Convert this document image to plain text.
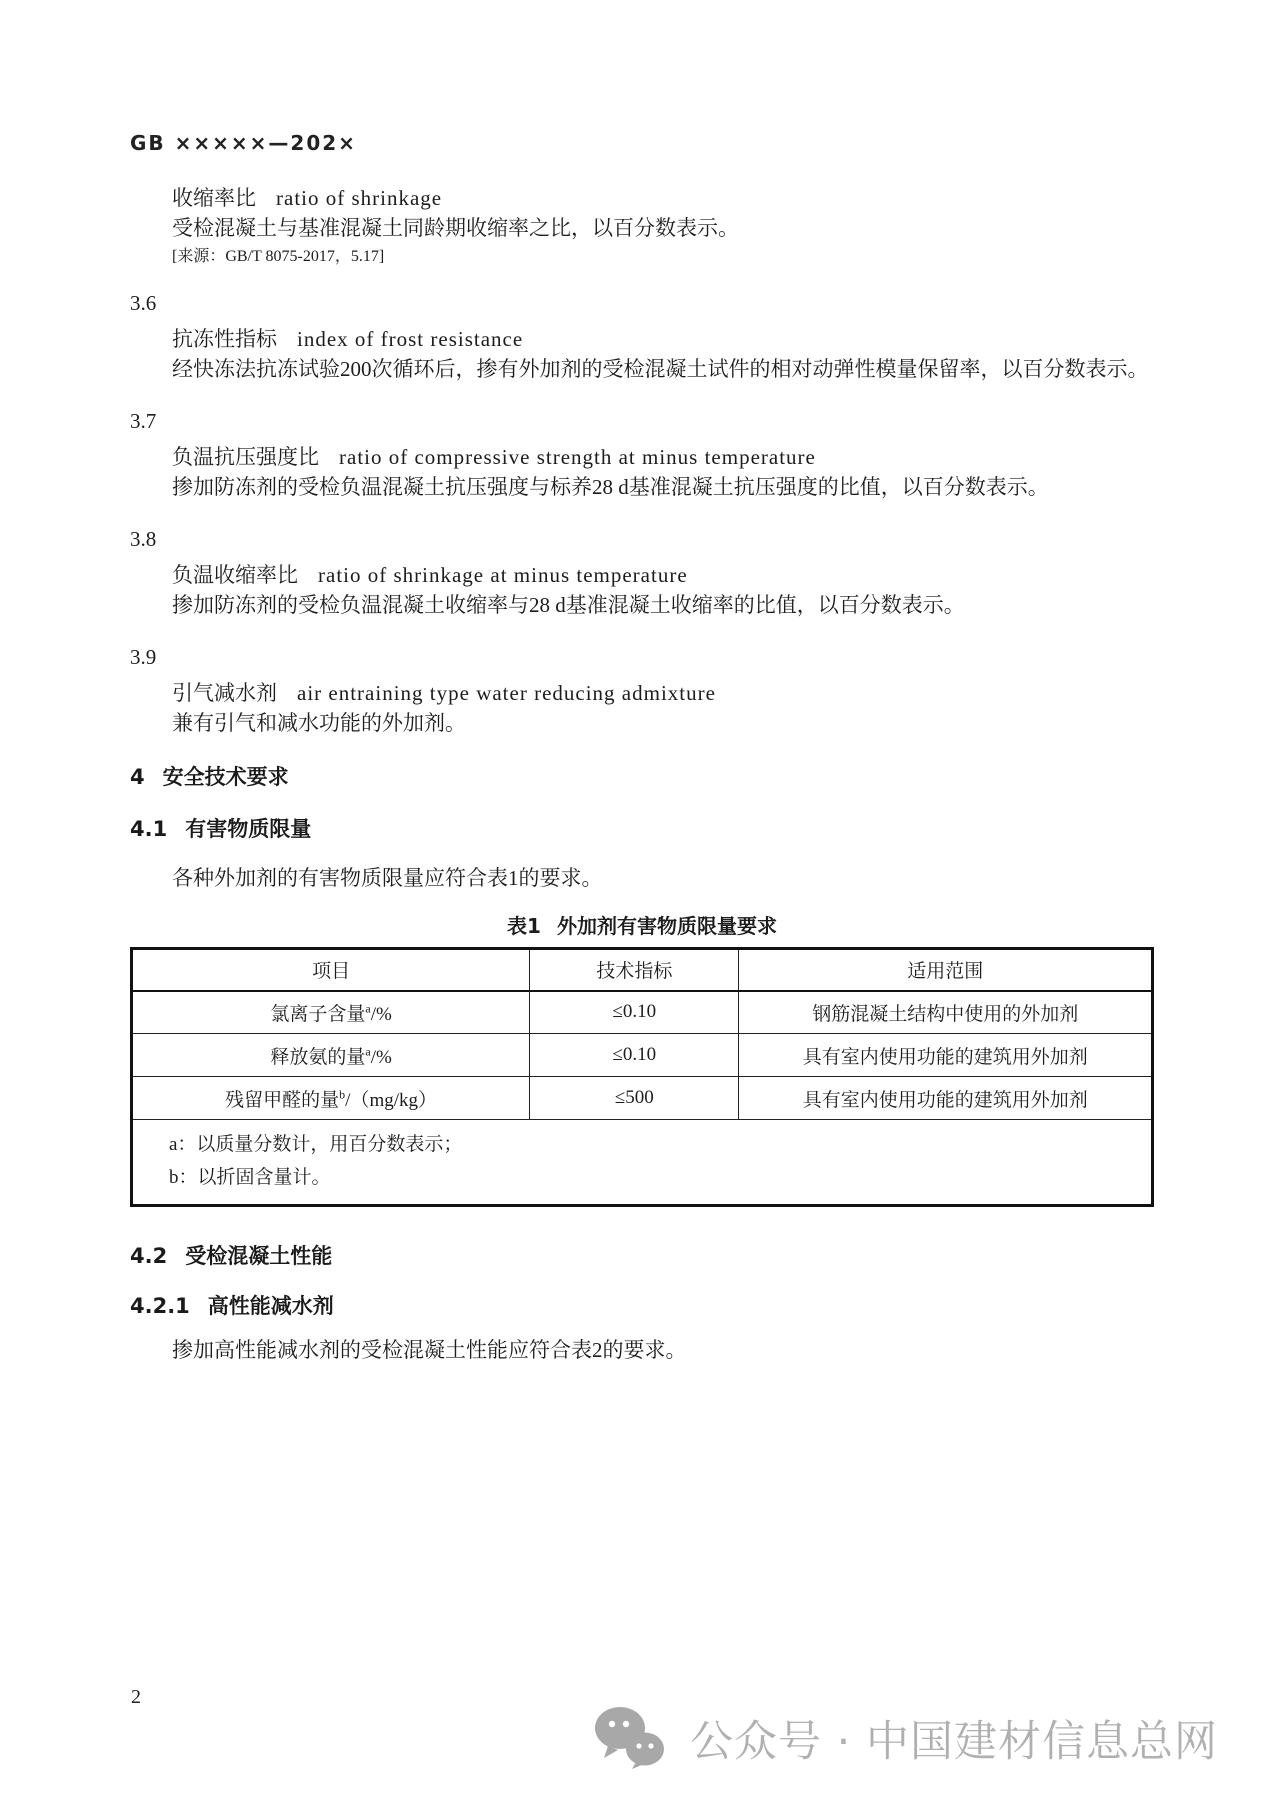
GB ×××××—202×
收缩率比 ratio of shrinkage

受检混凝土与基准混凝土同龄期收缩率之比，以百分数表示。

[来源：GB/T 8075-2017，5.17]
3.6
抗冻性指标 index of frost resistance

经快冻法抗冻试验200次循环后，掺有外加剂的受检混凝土试件的相对动弹性模量保留率，以百分数表示。

3.7
负温抗压强度比 ratio of compressive strength at minus temperature

掺加防冻剂的受检负温混凝土抗压强度与标养28 d基准混凝土抗压强度的比值，以百分数表示。

3.8
负温收缩率比 ratio of shrinkage at minus temperature

掺加防冻剂的受检负温混凝土收缩率与28 d基准混凝土收缩率的比值，以百分数表示。

3.9
引气减水剂 air entraining type water reducing admixture

兼有引气和减水功能的外加剂。

4 安全技术要求
4.1 有害物质限量

各种外加剂的有害物质限量应符合表1的要求。

表1 外加剂有害物质限量要求
项目	技术指标	适用范围
氯离子含量$^a$/%	≤0.10	钢筋混凝土结构中使用的外加剂
释放氨的量$^a$/%	≤0.10	具有室内使用功能的建筑用外加剂
残留甲醛的量$^b$/（mg/kg）	≤500	具有室内使用功能的建筑用外加剂

a：以质量分数计，用百分数表示；
b：以折固含量计。		
4.2 受检混凝土性能
4.2.1 高性能减水剂

掺加高性能减水剂的受检混凝土性能应符合表2的要求。

2
公众号 · 中国建材信息总网
